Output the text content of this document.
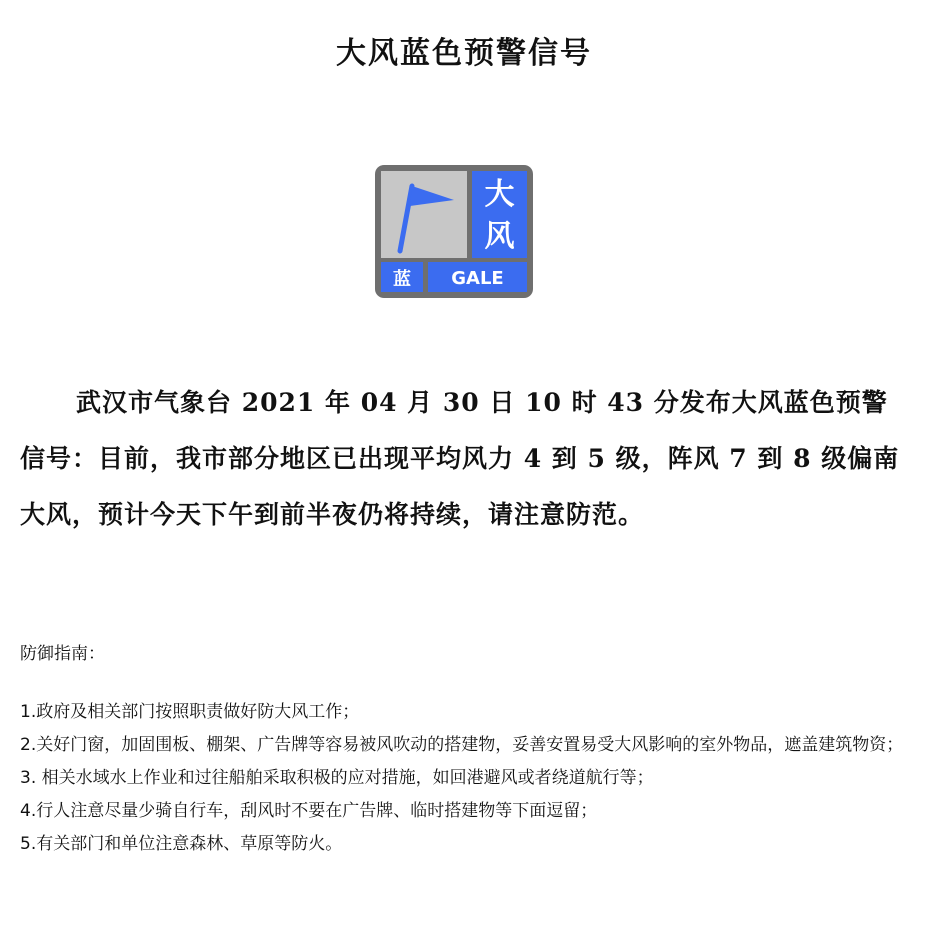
大风蓝色预警信号
大
风
蓝 GALE
武汉市气象台 2021 年 04 月 30 日 10 时 43 分发布大风蓝色预警信号：目前，我市部分地区已出现平均风力 4 到 5 级，阵风 7 到 8 级偏南大风，预计今天下午到前半夜仍将持续，请注意防范。
防御指南：
1.政府及相关部门按照职责做好防大风工作；
2.关好门窗，加固围板、棚架、广告牌等容易被风吹动的搭建物，妥善安置易受大风影响的室外物品，遮盖建筑物资；
3. 相关水域水上作业和过往船舶采取积极的应对措施，如回港避风或者绕道航行等；
4.行人注意尽量少骑自行车，刮风时不要在广告牌、临时搭建物等下面逗留；
5.有关部门和单位注意森林、草原等防火。
